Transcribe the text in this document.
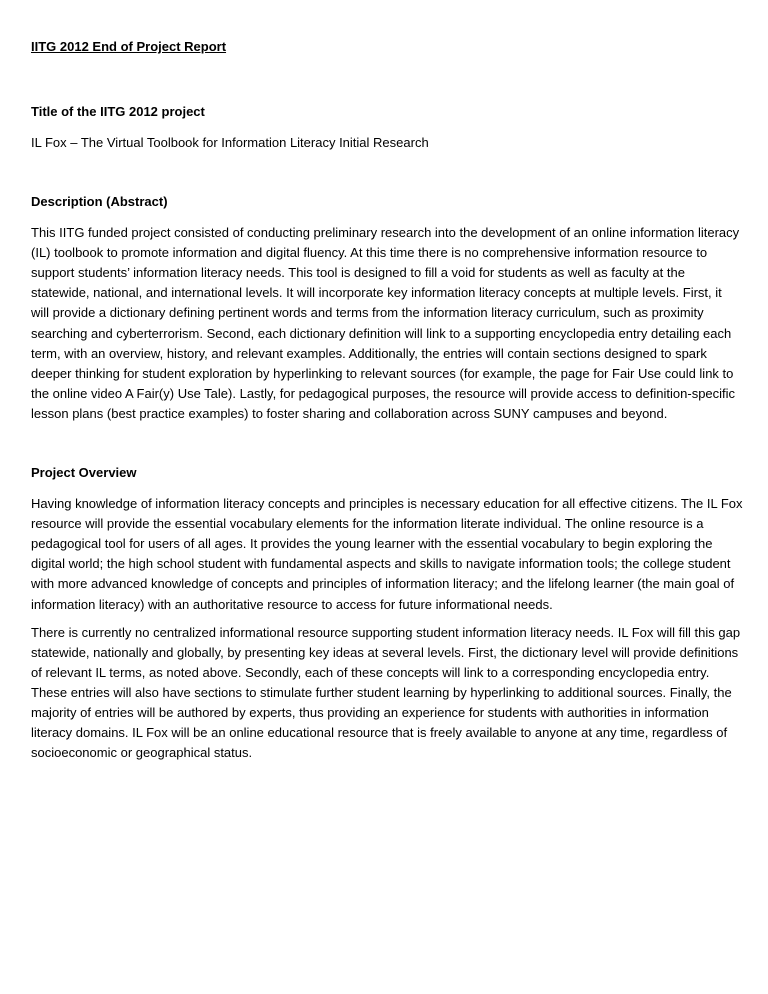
IITG 2012 End of Project Report

Title of the IITG 2012 project

IL Fox – The Virtual Toolbook for Information Literacy Initial Research

Description (Abstract)

This IITG funded project consisted of conducting preliminary research into the development of an online information literacy (IL) toolbook to promote information and digital fluency. At this time there is no comprehensive information resource to support students’ information literacy needs. This tool is designed to fill a void for students as well as faculty at the statewide, national, and international levels. It will incorporate key information literacy concepts at multiple levels. First, it will provide a dictionary defining pertinent words and terms from the information literacy curriculum, such as proximity searching and cyberterrorism. Second, each dictionary definition will link to a supporting encyclopedia entry detailing each term, with an overview, history, and relevant examples. Additionally, the entries will contain sections designed to spark deeper thinking for student exploration by hyperlinking to relevant sources (for example, the page for Fair Use could link to the online video A Fair(y) Use Tale). Lastly, for pedagogical purposes, the resource will provide access to definition-specific lesson plans (best practice examples) to foster sharing and collaboration across SUNY campuses and beyond.

Project Overview

Having knowledge of information literacy concepts and principles is necessary education for all effective citizens. The IL Fox resource will provide the essential vocabulary elements for the information literate individual. The online resource is a pedagogical tool for users of all ages. It provides the young learner with the essential vocabulary to begin exploring the digital world; the high school student with fundamental aspects and skills to navigate information tools; the college student with more advanced knowledge of concepts and principles of information literacy; and the lifelong learner (the main goal of information literacy) with an authoritative resource to access for future informational needs.

There is currently no centralized informational resource supporting student information literacy needs. IL Fox will fill this gap statewide, nationally and globally, by presenting key ideas at several levels. First, the dictionary level will provide definitions of relevant IL terms, as noted above. Secondly, each of these concepts will link to a corresponding encyclopedia entry. These entries will also have sections to stimulate further student learning by hyperlinking to additional sources. Finally, the majority of entries will be authored by experts, thus providing an experience for students with authorities in information literacy domains. IL Fox will be an online educational resource that is freely available to anyone at any time, regardless of socioeconomic or geographical status.
